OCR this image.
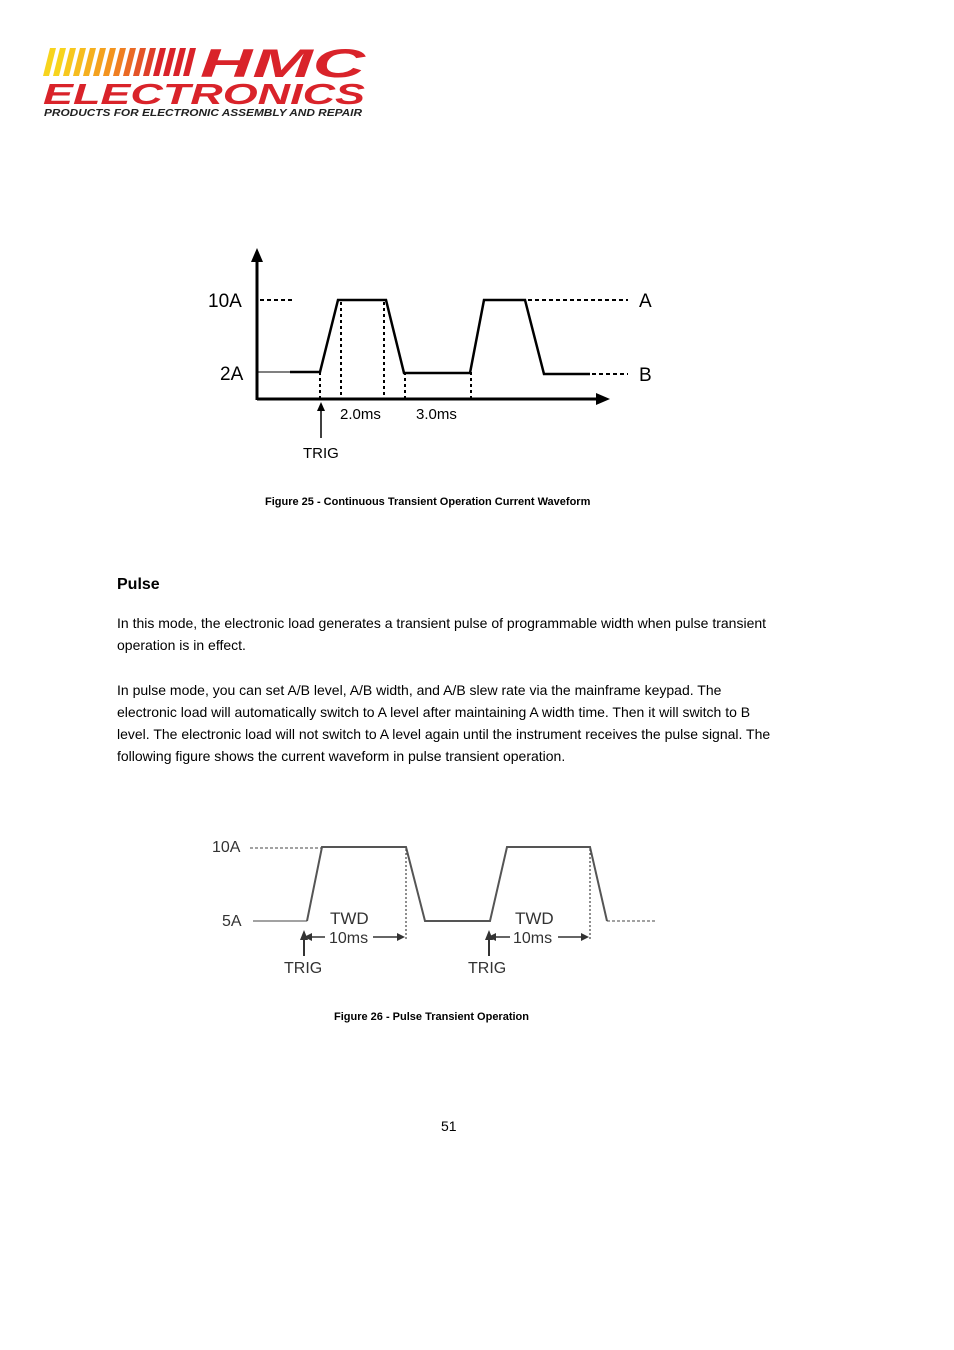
HMC
ELECTRONICS
PRODUCTS FOR ELECTRONIC ASSEMBLY AND REPAIR
10A
2A
A
B
2.0ms 3.0ms
TRIG
Figure 25 - Continuous Transient Operation Current Waveform
Pulse

In this mode, the electronic load generates a transient pulse of programmable width when pulse transient operation is in effect.

In pulse mode, you can set A/B level, A/B width, and A/B slew rate via the mainframe keypad. The electronic load will automatically switch to A level after maintaining A width time. Then it will switch to B level. The electronic load will not switch to A level again until the instrument receives the pulse signal. The following figure shows the current waveform in pulse transient operation.

10A
5A	TWD
10ms
TRIG
TWD
10ms
TRIG
Figure 26 - Pulse Transient Operation
51
